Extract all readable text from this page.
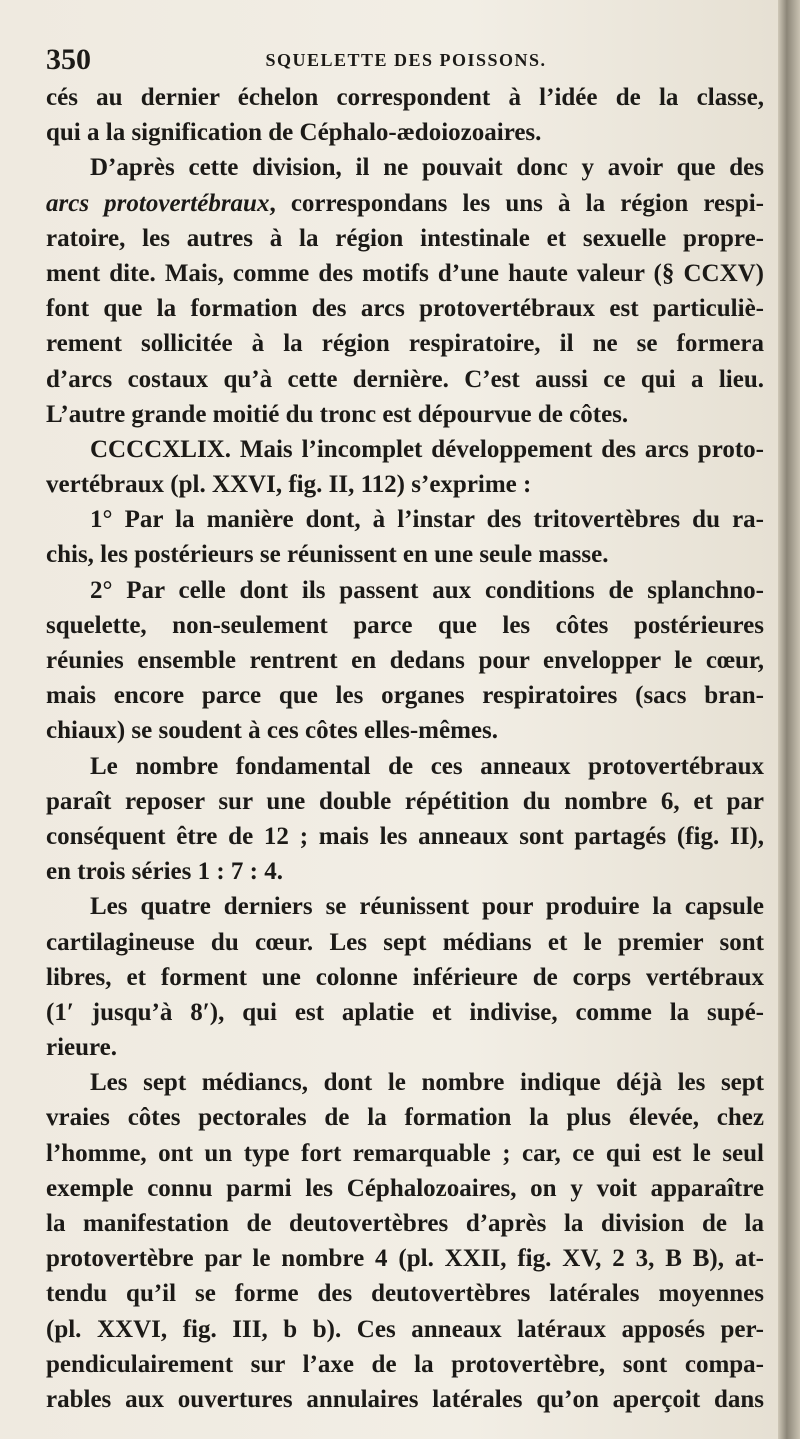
350	SQUELETTE DES POISSONS.
cés au dernier échelon correspondent à l’idée de la classe,
qui a la signification de Céphalo-ædoiozoaires.
D’après cette division, il ne pouvait donc y avoir que des
arcs protovertébraux, correspondans les uns à la région respi-
ratoire, les autres à la région intestinale et sexuelle propre-
ment dite. Mais, comme des motifs d’une haute valeur (§ CCXV)
font que la formation des arcs protovertébraux est particuliè-
rement sollicitée à la région respiratoire, il ne se formera
d’arcs costaux qu’à cette dernière. C’est aussi ce qui a lieu.
L’autre grande moitié du tronc est dépourvue de côtes.
CCCCXLIX. Mais l’incomplet développement des arcs proto-
vertébraux (pl. XXVI, fig. II, 112) s’exprime :
1° Par la manière dont, à l’instar des tritovertèbres du ra-
chis, les postérieurs se réunissent en une seule masse.
2° Par celle dont ils passent aux conditions de splanchno-
squelette, non-seulement parce que les côtes postérieures
réunies ensemble rentrent en dedans pour envelopper le cœur,
mais encore parce que les organes respiratoires (sacs bran-
chiaux) se soudent à ces côtes elles-mêmes.
Le nombre fondamental de ces anneaux protovertébraux
paraît reposer sur une double répétition du nombre 6, et par
conséquent être de 12 ; mais les anneaux sont partagés (fig. II),
en trois séries 1 : 7 : 4.
Les quatre derniers se réunissent pour produire la capsule
cartilagineuse du cœur. Les sept médians et le premier sont
libres, et forment une colonne inférieure de corps vertébraux
(1′ jusqu’à 8′), qui est aplatie et indivise, comme la supé-
rieure.
Les sept médiancs, dont le nombre indique déjà les sept
vraies côtes pectorales de la formation la plus élevée, chez
l’homme, ont un type fort remarquable ; car, ce qui est le seul
exemple connu parmi les Céphalozoaires, on y voit apparaître
la manifestation de deutovertèbres d’après la division de la
protovertèbre par le nombre 4 (pl. XXII, fig. XV, 2 3, B B), at-
tendu qu’il se forme des deutovertèbres latérales moyennes
(pl. XXVI, fig. III, b b). Ces anneaux latéraux apposés per-
pendiculairement sur l’axe de la protovertèbre, sont compa-
rables aux ouvertures annulaires latérales qu’on aperçoit dans
